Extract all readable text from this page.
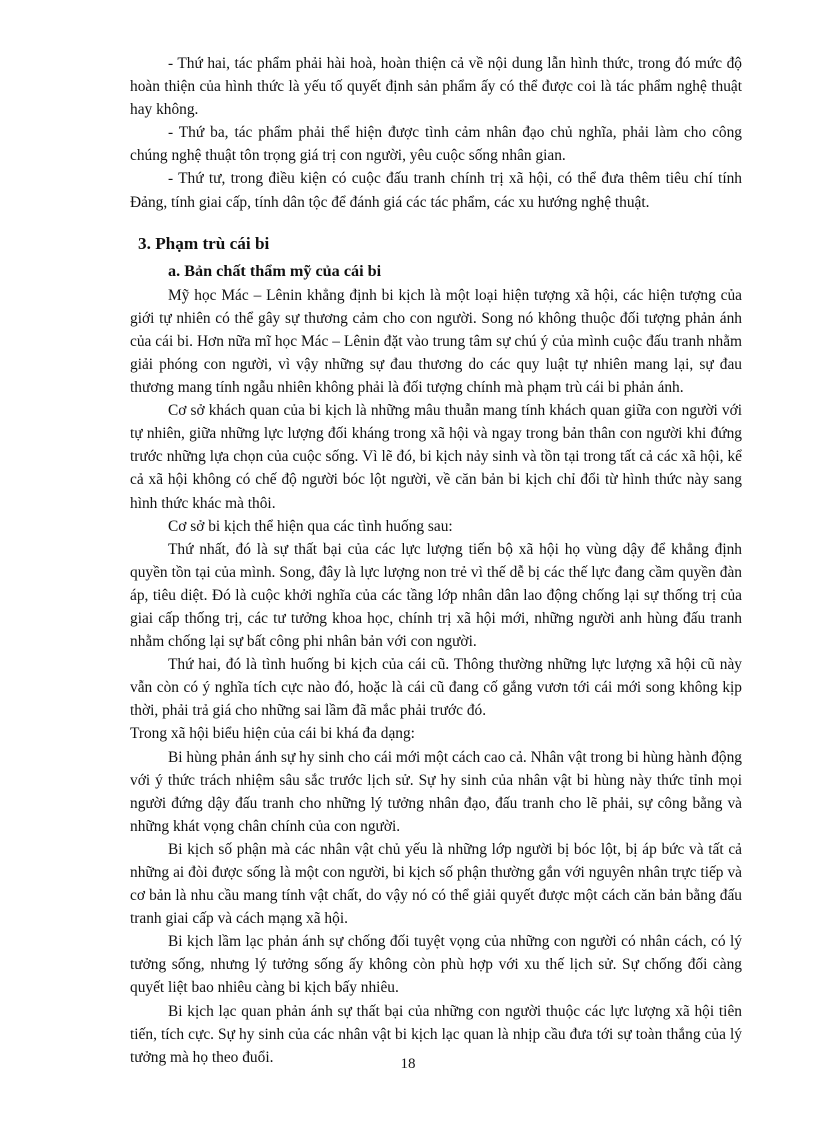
- Thứ hai, tác phẩm phải hài hoà, hoàn thiện cả về nội dung lẫn hình thức, trong đó mức độ hoàn thiện của hình thức là yếu tố quyết định sản phẩm ấy có thể được coi là tác phẩm nghệ thuật hay không.

- Thứ ba, tác phẩm phải thể hiện được tình cảm nhân đạo chủ nghĩa, phải làm cho công chúng nghệ thuật tôn trọng giá trị con người, yêu cuộc sống nhân gian.

- Thứ tư, trong điều kiện có cuộc đấu tranh chính trị xã hội, có thể đưa thêm tiêu chí tính Đảng, tính giai cấp, tính dân tộc để đánh giá các tác phẩm, các xu hướng nghệ thuật.

3. Phạm trù cái bi
a. Bản chất thẩm mỹ của cái bi

Mỹ học Mác – Lênin khẳng định bi kịch là một loại hiện tượng xã hội, các hiện tượng của giới tự nhiên có thể gây sự thương cảm cho con người. Song nó không thuộc đối tượng phản ánh của cái bi. Hơn nữa mĩ học Mác – Lênin đặt vào trung tâm sự chú ý của mình cuộc đấu tranh nhằm giải phóng con người, vì vậy những sự đau thương do các quy luật tự nhiên mang lại, sự đau thương mang tính ngẫu nhiên không phải là đối tượng chính mà phạm trù cái bi phản ánh.

Cơ sở khách quan của bi kịch là những mâu thuẫn mang tính khách quan giữa con người với tự nhiên, giữa những lực lượng đối kháng trong xã hội và ngay trong bản thân con người khi đứng trước những lựa chọn của cuộc sống. Vì lẽ đó, bi kịch nảy sinh và tồn tại trong tất cả các xã hội, kể cả xã hội không có chế độ người bóc lột người, về căn bản bi kịch chỉ đổi từ hình thức này sang hình thức khác mà thôi.

Cơ sở bi kịch thể hiện qua các tình huống sau:

Thứ nhất, đó là sự thất bại của các lực lượng tiến bộ xã hội họ vùng dậy để khẳng định quyền tồn tại của mình. Song, đây là lực lượng non trẻ vì thế dễ bị các thế lực đang cầm quyền đàn áp, tiêu diệt. Đó là cuộc khởi nghĩa của các tầng lớp nhân dân lao động chống lại sự thống trị của giai cấp thống trị, các tư tưởng khoa học, chính trị xã hội mới, những người anh hùng đấu tranh nhằm chống lại sự bất công phi nhân bản với con người.

Thứ hai, đó là tình huống bi kịch của cái cũ. Thông thường những lực lượng xã hội cũ này vẫn còn có ý nghĩa tích cực nào đó, hoặc là cái cũ đang cố gắng vươn tới cái mới song không kịp thời, phải trả giá cho những sai lầm đã mắc phải trước đó.

Trong xã hội biểu hiện của cái bi khá đa dạng:

Bi hùng phản ánh sự hy sinh cho cái mới một cách cao cả. Nhân vật trong bi hùng hành động với ý thức trách nhiệm sâu sắc trước lịch sử. Sự hy sinh của nhân vật bi hùng này thức tỉnh mọi người đứng dậy đấu tranh cho những lý tưởng nhân đạo, đấu tranh cho lẽ phải, sự công bằng và những khát vọng chân chính của con người.

Bi kịch số phận mà các nhân vật chủ yếu là những lớp người bị bóc lột, bị áp bức và tất cả những ai đòi được sống là một con người, bi kịch số phận thường gắn với nguyên nhân trực tiếp và cơ bản là nhu cầu mang tính vật chất, do vậy nó có thể giải quyết được một cách căn bản bằng đấu tranh giai cấp và cách mạng xã hội.

Bi kịch lầm lạc phản ánh sự chống đối tuyệt vọng của những con người có nhân cách, có lý tưởng sống, nhưng lý tưởng sống ấy không còn phù hợp với xu thế lịch sử. Sự chống đối càng quyết liệt bao nhiêu càng bi kịch bấy nhiêu.

Bi kịch lạc quan phản ánh sự thất bại của những con người thuộc các lực lượng xã hội tiên tiến, tích cực. Sự hy sinh của các nhân vật bi kịch lạc quan là nhịp cầu đưa tới sự toàn thắng của lý tưởng mà họ theo đuổi.	18
